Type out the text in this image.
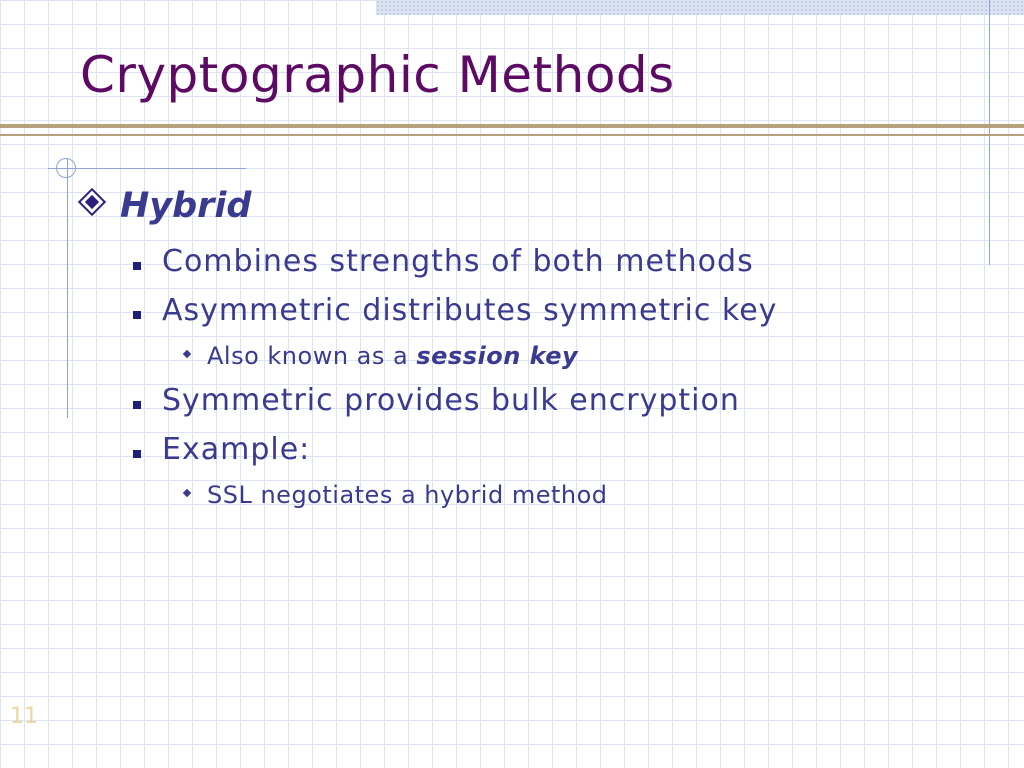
Cryptographic Methods
Hybrid
Combines strengths of both methods
Asymmetric distributes symmetric key
Also known as a session key
Symmetric provides bulk encryption
Example:
SSL negotiates a hybrid method
11
